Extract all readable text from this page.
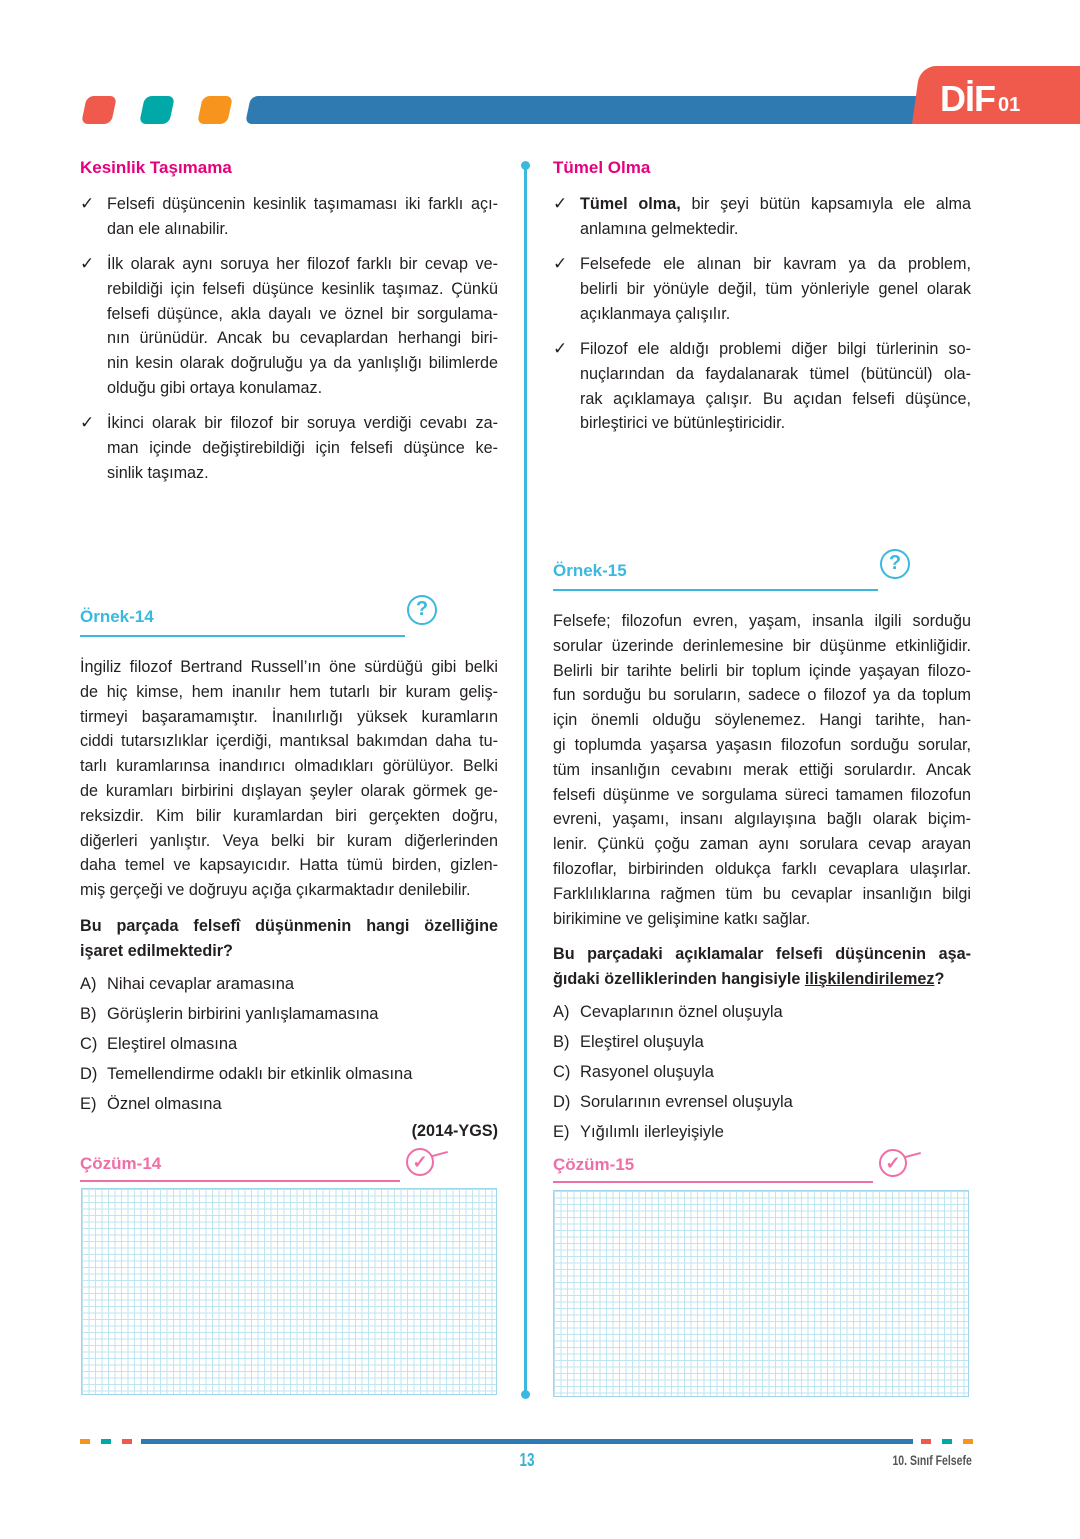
DİF 01
Kesinlik Taşımama
✓ Felsefi düşüncenin kesinlik taşımaması iki farklı açı-
dan ele alınabilir.
✓ İlk olarak aynı soruya her filozof farklı bir cevap ve-
rebildiği için felsefi düşünce kesinlik taşımaz. Çünkü
felsefi düşünce, akla dayalı ve öznel bir sorgulama-
nın ürünüdür. Ancak bu cevaplardan herhangi biri-
nin kesin olarak doğruluğu ya da yanlışlığı bilimlerde
olduğu gibi ortaya konulamaz.
✓ İkinci olarak bir filozof bir soruya verdiği cevabı za-
man içinde değiştirebildiği için felsefi düşünce ke-
sinlik taşımaz.
Tümel Olma
✓ Tümel olma, bir şeyi bütün kapsamıyla ele alma
anlamına gelmektedir.
✓ Felsefede ele alınan bir kavram ya da problem,
belirli bir yönüyle değil, tüm yönleriyle genel olarak
açıklanmaya çalışılır.
✓ Filozof ele aldığı problemi diğer bilgi türlerinin so-
nuçlarından da faydalanarak tümel (bütüncül) ola-
rak açıklamaya çalışır. Bu açıdan felsefi düşünce,
birleştirici ve bütünleştiricidir.
Örnek-14	?
İngiliz filozof Bertrand Russell’ın öne sürdüğü gibi belki
de hiç kimse, hem inanılır hem tutarlı bir kuram geliş-
tirmeyi başaramamıştır. İnanılırlığı yüksek kuramların
ciddi tutarsızlıklar içerdiği, mantıksal bakımdan daha tu-
tarlı kuramlarınsa inandırıcı olmadıkları görülüyor. Belki
de kuramları birbirini dışlayan şeyler olarak görmek ge-
reksizdir. Kim bilir kuramlardan biri gerçekten doğru,
diğerleri yanlıştır. Veya belki bir kuram diğerlerinden
daha temel ve kapsayıcıdır. Hatta tümü birden, gizlen-
miş gerçeği ve doğruyu açığa çıkarmaktadır denilebilir.
Bu parçada felsefî düşünmenin hangi özelliğine
işaret edilmektedir?
A) Nihai cevaplar aramasına
B) Görüşlerin birbirini yanlışlamamasına
C) Eleştirel olmasına
D) Temellendirme odaklı bir etkinlik olmasına
E) Öznel olmasına
(2014-YGS)
Çözüm-14	✓
Örnek-15	?
Felsefe; filozofun evren, yaşam, insanla ilgili sorduğu
sorular üzerinde derinlemesine bir düşünme etkinliğidir.
Belirli bir tarihte belirli bir toplum içinde yaşayan filozo-
fun sorduğu bu soruların, sadece o filozof ya da toplum
için önemli olduğu söylenemez. Hangi tarihte, han-
gi toplumda yaşarsa yaşasın filozofun sorduğu sorular,
tüm insanlığın cevabını merak ettiği sorulardır. Ancak
felsefi düşünme ve sorgulama süreci tamamen filozofun
evreni, yaşamı, insanı algılayışına bağlı olarak biçim-
lenir. Çünkü çoğu zaman aynı sorulara cevap arayan
filozoflar, birbirinden oldukça farklı cevaplara ulaşırlar.
Farklılıklarına rağmen tüm bu cevaplar insanlığın bilgi
birikimine ve gelişimine katkı sağlar.
Bu parçadaki açıklamalar felsefi düşüncenin aşa-
ğıdaki özelliklerinden hangisiyle ilişkilendirilemez?
A) Cevaplarının öznel oluşuyla
B) Eleştirel oluşuyla
C) Rasyonel oluşuyla
D) Sorularının evrensel oluşuyla
E) Yığılımlı ilerleyişiyle
Çözüm-15	✓
13	10. Sınıf Felsefe
